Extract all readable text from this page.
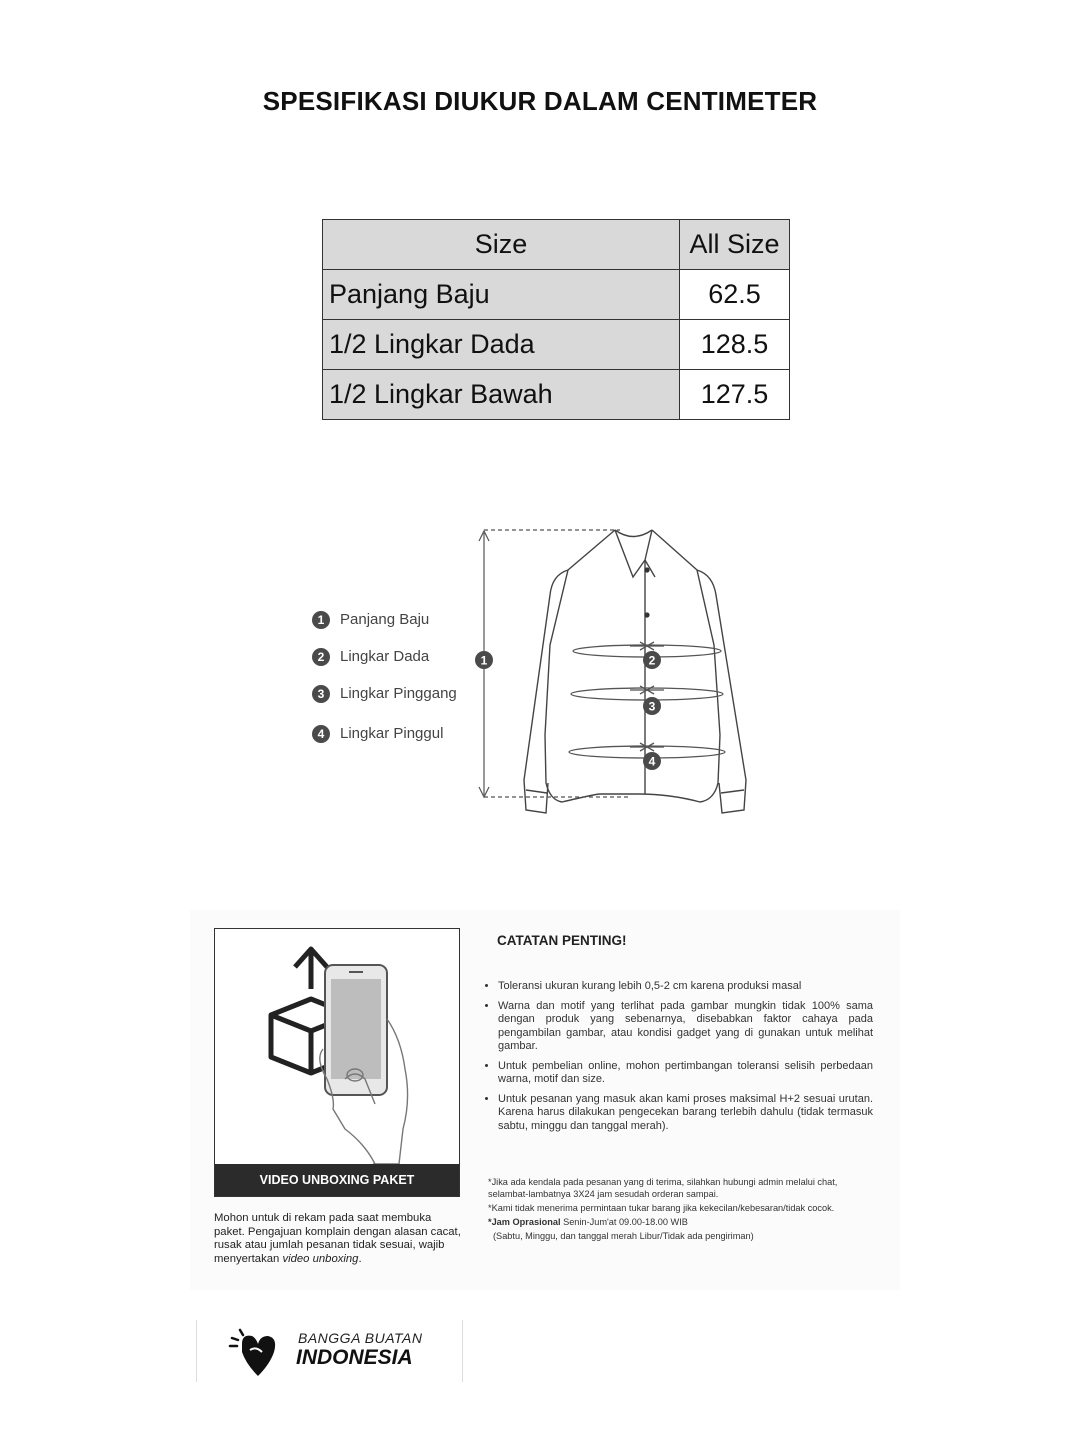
SPESIFIKASI DIUKUR DALAM CENTIMETER
Size	All Size
Panjang Baju	62.5
1/2 Lingkar Dada	128.5
1/2 Lingkar Bawah	127.5
1	Panjang Baju
2	Lingkar Dada
3	Lingkar Pinggang
4	Lingkar Pinggul
1	2
3
4
VIDEO UNBOXING PAKET
Mohon untuk di rekam pada saat membuka paket. Pengajuan komplain dengan alasan cacat, rusak atau jumlah pesanan tidak sesuai, wajib menyertakan video unboxing.
CATATAN PENTING!
• Toleransi ukuran kurang lebih 0,5-2 cm karena produksi masal
• Warna dan motif yang terlihat pada gambar mungkin tidak 100% sama dengan produk yang sebenarnya, disebabkan faktor cahaya pada pengambilan gambar, atau kondisi gadget yang di gunakan untuk melihat gambar.
• Untuk pembelian online, mohon pertimbangan toleransi selisih perbedaan warna, motif dan size.
• Untuk pesanan yang masuk akan kami proses maksimal H+2 sesuai urutan. Karena harus dilakukan pengecekan barang terlebih dahulu (tidak termasuk sabtu, minggu dan tanggal merah).

*Jika ada kendala pada pesanan yang di terima, silahkan hubungi admin melalui chat, selambat-lambatnya 3X24 jam sesudah orderan sampai.

*Kami tidak menerima permintaan tukar barang jika kekecilan/kebesaran/tidak cocok.

*Jam Oprasional Senin-Jum'at 09.00-18.00 WIB

(Sabtu, Minggu, dan tanggal merah Libur/Tidak ada pengiriman)

BANGGA BUATAN
INDONESIA
